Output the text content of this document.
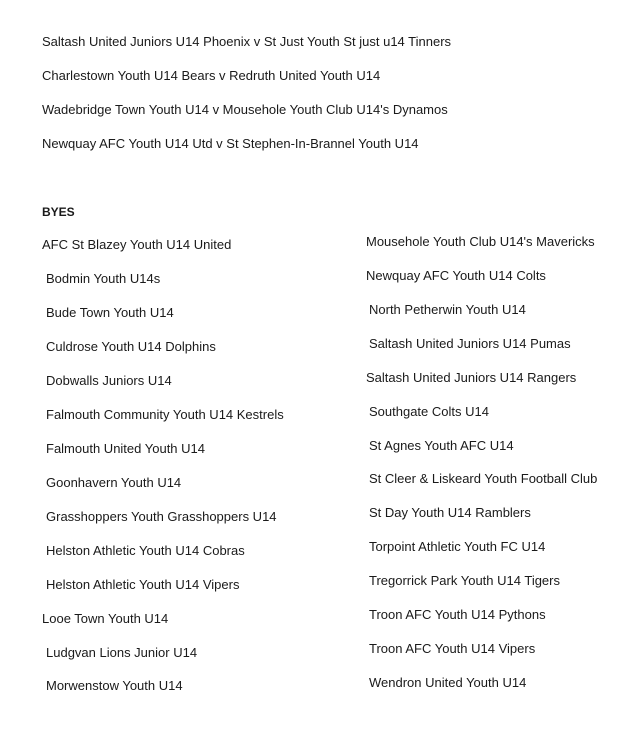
Saltash United Juniors U14 Phoenix v St Just Youth St just u14 Tinners
Charlestown Youth U14 Bears v Redruth United Youth U14
Wadebridge Town Youth U14 v Mousehole Youth Club U14's Dynamos
Newquay AFC Youth U14 Utd v St Stephen-In-Brannel Youth U14
BYES
AFC St Blazey Youth U14 United
Bodmin Youth U14s
Bude Town Youth U14
Culdrose Youth U14 Dolphins
Dobwalls Juniors U14
Falmouth Community Youth U14 Kestrels
Falmouth United Youth U14
Goonhavern Youth U14
Grasshoppers Youth Grasshoppers U14
Helston Athletic Youth U14 Cobras
Helston Athletic Youth U14 Vipers
Looe Town Youth U14
Ludgvan Lions Junior U14
Morwenstow Youth U14
Mousehole Youth Club U14's Mavericks
Newquay AFC Youth U14 Colts
North Petherwin Youth U14
Saltash United Juniors U14 Pumas
Saltash United Juniors U14 Rangers
Southgate Colts U14
St Agnes Youth AFC U14
St Cleer & Liskeard Youth Football Club
St Day Youth U14 Ramblers
Torpoint Athletic Youth FC U14
Tregorrick Park Youth U14 Tigers
Troon AFC Youth U14 Pythons
Troon AFC Youth U14 Vipers
Wendron United Youth U14
